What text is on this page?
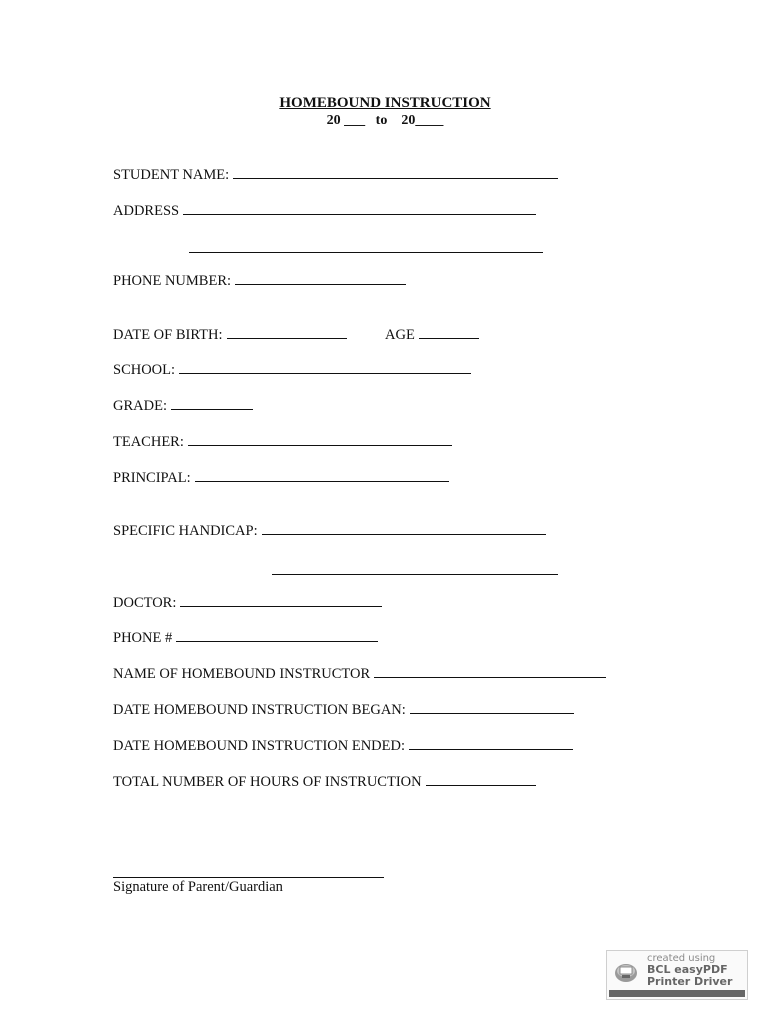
HOMEBOUND INSTRUCTION
20 ___   to    20____
STUDENT NAME:
ADDRESS
PHONE NUMBER:
DATE OF BIRTH:	AGE
SCHOOL:
GRADE:
TEACHER:
PRINCIPAL:
SPECIFIC HANDICAP:
DOCTOR:
PHONE #
NAME OF HOMEBOUND INSTRUCTOR
DATE HOMEBOUND INSTRUCTION BEGAN:
DATE HOMEBOUND INSTRUCTION ENDED:
TOTAL NUMBER OF HOURS OF INSTRUCTION
Signature of Parent/Guardian
created using
BCL easyPDF
Printer Driver
